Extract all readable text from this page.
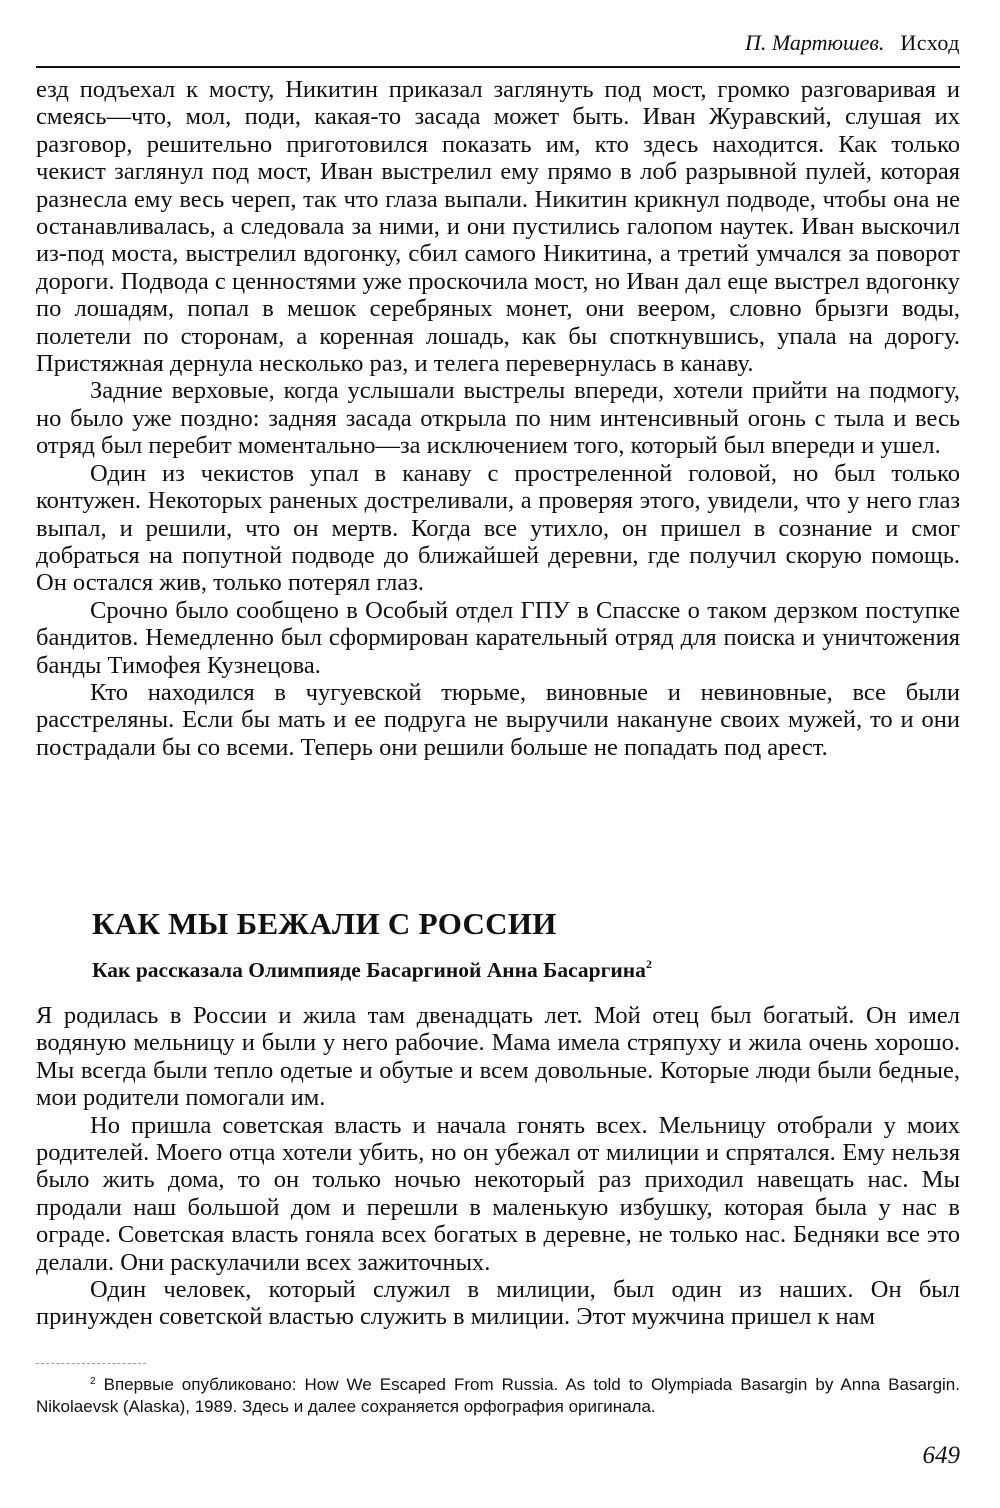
П. Мартюшев. Исход

езд подъехал к мосту, Никитин приказал заглянуть под мост, громко разговаривая и смеясь—что, мол, поди, какая-то засада может быть. Иван Журавский, слушая их разговор, решительно приготовился показать им, кто здесь находится. Как только чекист заглянул под мост, Иван выстрелил ему прямо в лоб разрывной пулей, которая разнесла ему весь череп, так что глаза выпали. Никитин крикнул подводе, чтобы она не останавливалась, а следовала за ними, и они пустились галопом наутек. Иван выскочил из-под моста, выстрелил вдогонку, сбил самого Никитина, а третий умчался за поворот дороги. Подвода с ценностями уже проскочила мост, но Иван дал еще выстрел вдогонку по лошадям, попал в мешок серебряных монет, они веером, словно брызги воды, полетели по сторонам, а коренная лошадь, как бы споткнувшись, упала на дорогу. Пристяжная дернула несколько раз, и телега перевернулась в канаву.

Задние верховые, когда услышали выстрелы впереди, хотели прийти на подмогу, но было уже поздно: задняя засада открыла по ним интенсивный огонь с тыла и весь отряд был перебит моментально—за исключением того, который был впереди и ушел.

Один из чекистов упал в канаву с простреленной головой, но был только контужен. Некоторых раненых достреливали, а проверяя этого, увидели, что у него глаз выпал, и решили, что он мертв. Когда все утихло, он пришел в сознание и смог добраться на попутной подводе до ближайшей деревни, где получил скорую помощь. Он остался жив, только потерял глаз.

Срочно было сообщено в Особый отдел ГПУ в Спасске о таком дерзком поступке бандитов. Немедленно был сформирован карательный отряд для поиска и уничтожения банды Тимофея Кузнецова.

Кто находился в чугуевской тюрьме, виновные и невиновные, все были расстреляны. Если бы мать и ее подруга не выручили накануне своих мужей, то и они пострадали бы со всеми. Теперь они решили больше не попадать под арест.

КАК МЫ БЕЖАЛИ С РОССИИ
Как рассказала Олимпияде Басаргиной Анна Басаргина$^2$

Я родилась в России и жила там двенадцать лет. Мой отец был богатый. Он имел водяную мельницу и были у него рабочие. Мама имела стряпуху и жила очень хорошо. Мы всегда были тепло одетые и обутые и всем довольные. Которые люди были бедные, мои родители помогали им.

Но пришла советская власть и начала гонять всех. Мельницу отобрали у моих родителей. Моего отца хотели убить, но он убежал от милиции и спрятался. Ему нельзя было жить дома, то он только ночью некоторый раз приходил навещать нас. Мы продали наш большой дом и перешли в маленькую избушку, которая была у нас в ограде. Советская власть гоняла всех богатых в деревне, не только нас. Бедняки все это делали. Они раскулачили всех зажиточных.

Один человек, который служил в милиции, был один из наших. Он был принужден советской властью служить в милиции. Этот мужчина пришел к нам

$^2$ Впервые опубликовано: How We Escaped From Russia. As told to Olympiada Basargin by Anna Basargin. Nikolaevsk (Alaska), 1989. Здесь и далее сохраняется орфография оригинала.

649
